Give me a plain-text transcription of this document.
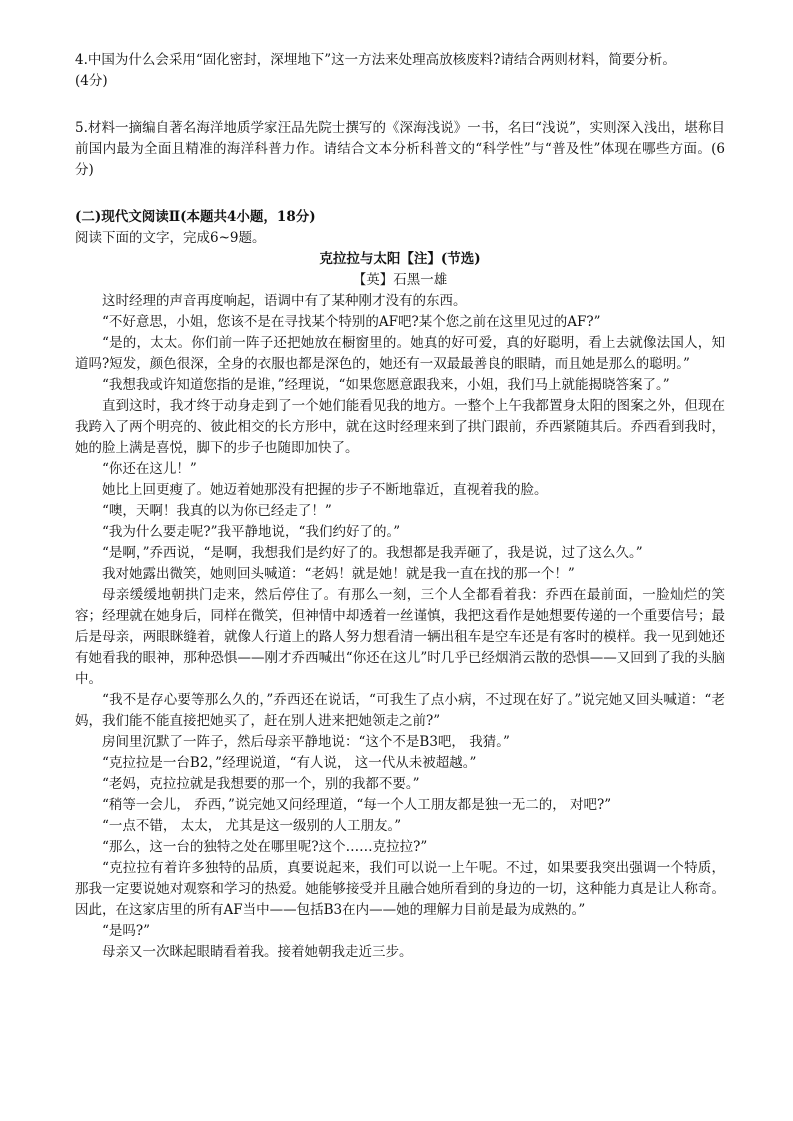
4.中国为什么会采用“固化密封，深埋地下”这一方法来处理高放核废料?请结合两则材料，简要分析。
(4分)

5.材料一摘编自著名海洋地质学家汪品先院士撰写的《深海浅说》一书，名曰“浅说”，实则深入浅出，堪称目前国内最为全面且精准的海洋科普力作。请结合文本分析科普文的“科学性”与“普及性”体现在哪些方面。(6分)

(二)现代文阅读Ⅱ(本题共4小题，18分)

阅读下面的文字，完成6~9题。

克拉拉与太阳【注】(节选)

【英】石黑一雄

这时经理的声音再度响起，语调中有了某种刚才没有的东西。

“不好意思，小姐，您该不是在寻找某个特别的AF吧?某个您之前在这里见过的AF?”

“是的，太太。你们前一阵子还把她放在橱窗里的。她真的好可爱，真的好聪明，看上去就像法国人，知道吗?短发，颜色很深，全身的衣服也都是深色的，她还有一双最最善良的眼睛，而且她是那么的聪明。”

“我想我或许知道您指的是谁，”经理说，“如果您愿意跟我来，小姐，我们马上就能揭晓答案了。”

直到这时，我才终于动身走到了一个她们能看见我的地方。一整个上午我都置身太阳的图案之外，但现在我跨入了两个明亮的、彼此相交的长方形中，就在这时经理来到了拱门跟前，乔西紧随其后。乔西看到我时，她的脸上满是喜悦，脚下的步子也随即加快了。

“你还在这儿！”

她比上回更瘦了。她迈着她那没有把握的步子不断地靠近，直视着我的脸。

“噢，天啊！我真的以为你已经走了！”

“我为什么要走呢?”我平静地说，“我们约好了的。”

“是啊，”乔西说，“是啊，我想我们是约好了的。我想都是我弄砸了，我是说，过了这么久。”

我对她露出微笑，她则回头喊道：“老妈！就是她！就是我一直在找的那一个！”

母亲缓缓地朝拱门走来，然后停住了。有那么一刻，三个人全都看着我：乔西在最前面，一脸灿烂的笑容；经理就在她身后，同样在微笑，但神情中却透着一丝谨慎，我把这看作是她想要传递的一个重要信号；最后是母亲，两眼眯缝着，就像人行道上的路人努力想看清一辆出租车是空车还是有客时的模样。我一见到她还有她看我的眼神，那种恐惧——刚才乔西喊出“你还在这儿”时几乎已经烟消云散的恐惧——又回到了我的头脑中。

“我不是存心要等那么久的，”乔西还在说话，“可我生了点小病，不过现在好了。”说完她又回头喊道：“老妈，我们能不能直接把她买了，赶在别人进来把她领走之前?”

房间里沉默了一阵子，然后母亲平静地说：“这个不是B3吧， 我猜。”

“克拉拉是一台B2，”经理说道，“有人说， 这一代从未被超越。”

“老妈，克拉拉就是我想要的那一个，别的我都不要。”

“稍等一会儿， 乔西，”说完她又问经理道，“每一个人工朋友都是独一无二的， 对吧?”

“一点不错， 太太， 尤其是这一级别的人工朋友。”

“那么，这一台的独特之处在哪里呢?这个……克拉拉?”

“克拉拉有着许多独特的品质，真要说起来，我们可以说一上午呢。不过，如果要我突出强调一个特质，那我一定要说她对观察和学习的热爱。她能够接受并且融合她所看到的身边的一切，这种能力真是让人称奇。因此，在这家店里的所有AF当中——包括B3在内——她的理解力目前是最为成熟的。”

“是吗?”

母亲又一次眯起眼睛看着我。接着她朝我走近三步。
